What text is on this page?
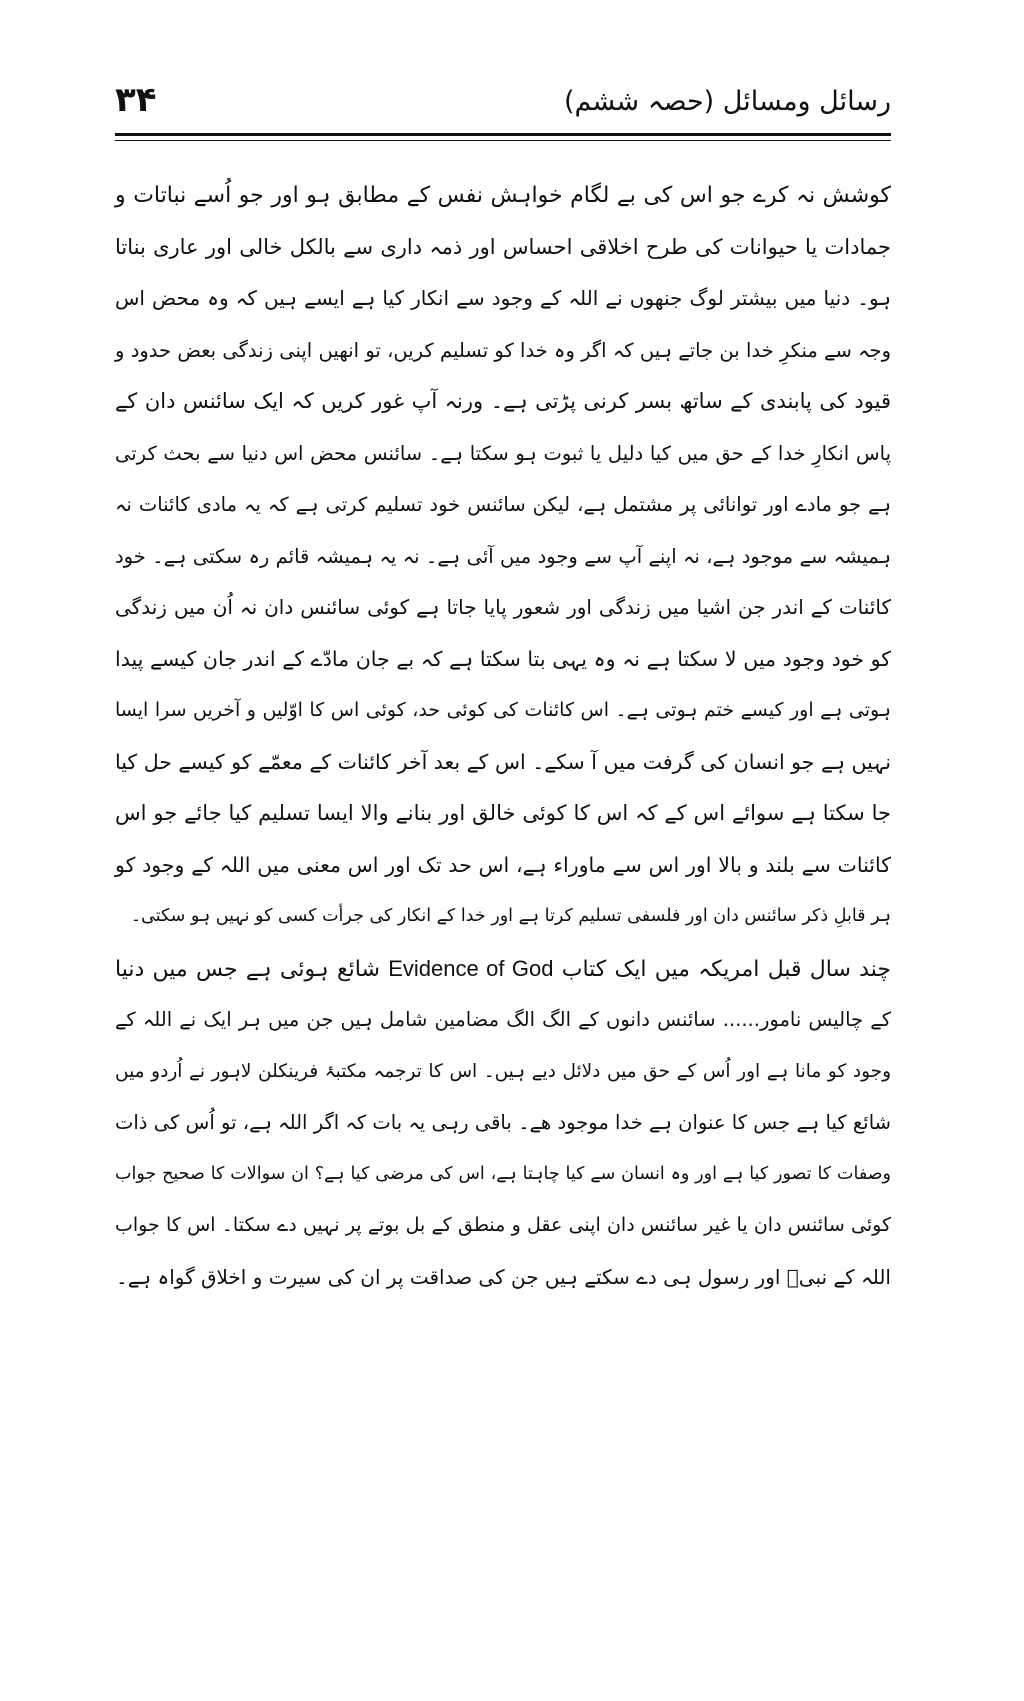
رسائل ومسائل (حصہ ششم)
۳۴
کوشش نہ کرے جو اس کی بے لگام خواہش نفس کے مطابق ہو اور جو اُسے نباتات و
جمادات یا حیوانات کی طرح اخلاقی احساس اور ذمہ داری سے بالکل خالی اور عاری بناتا
ہو۔ دنیا میں بیشتر لوگ جنھوں نے اللہ کے وجود سے انکار کیا ہے ایسے ہیں کہ وہ محض اس
وجہ سے منکرِ خدا بن جاتے ہیں کہ اگر وہ خدا کو تسلیم کریں، تو انھیں اپنی زندگی بعض حدود و
قیود کی پابندی کے ساتھ بسر کرنی پڑتی ہے۔ ورنہ آپ غور کریں کہ ایک سائنس دان کے
پاس انکارِ خدا کے حق میں کیا دلیل یا ثبوت ہو سکتا ہے۔ سائنس محض اس دنیا سے بحث کرتی
ہے جو مادے اور توانائی پر مشتمل ہے، لیکن سائنس خود تسلیم کرتی ہے کہ یہ مادی کائنات نہ
ہمیشہ سے موجود ہے، نہ اپنے آپ سے وجود میں آئی ہے۔ نہ یہ ہمیشہ قائم رہ سکتی ہے۔ خود
کائنات کے اندر جن اشیا میں زندگی اور شعور پایا جاتا ہے کوئی سائنس دان نہ اُن میں زندگی
کو خود وجود میں لا سکتا ہے نہ وہ یہی بتا سکتا ہے کہ بے جان مادّے کے اندر جان کیسے پیدا
ہوتی ہے اور کیسے ختم ہوتی ہے۔ اس کائنات کی کوئی حد، کوئی اس کا اوّلیں و آخریں سرا ایسا
نہیں ہے جو انسان کی گرفت میں آ سکے۔ اس کے بعد آخر کائنات کے معمّے کو کیسے حل کیا
جا سکتا ہے سوائے اس کے کہ اس کا کوئی خالق اور بنانے والا ایسا تسلیم کیا جائے جو اس
کائنات سے بلند و بالا اور اس سے ماوراء ہے، اس حد تک اور اس معنی میں اللہ کے وجود کو
ہر قابلِ ذکر سائنس دان اور فلسفی تسلیم کرتا ہے اور خدا کے انکار کی جرأت کسی کو نہیں ہو سکتی۔
چند سال قبل امریکہ میں ایک کتاب Evidence of God شائع ہوئی ہے جس میں دنیا
کے چالیس نامور...... سائنس دانوں کے الگ الگ مضامین شامل ہیں جن میں ہر ایک نے اللہ کے
وجود کو مانا ہے اور اُس کے حق میں دلائل دیے ہیں۔ اس کا ترجمہ مکتبۂ فرینکلن لاہور نے اُردو میں
شائع کیا ہے جس کا عنوان ہے خدا موجود ھے۔ باقی رہی یہ بات کہ اگر اللہ ہے، تو اُس کی ذات
وصفات کا تصور کیا ہے اور وہ انسان سے کیا چاہتا ہے، اس کی مرضی کیا ہے؟ ان سوالات کا صحیح جواب
کوئی سائنس دان یا غیر سائنس دان اپنی عقل و منطق کے بل بوتے پر نہیں دے سکتا۔ اس کا جواب
اللہ کے نبیؑ اور رسول ہی دے سکتے ہیں جن کی صداقت پر ان کی سیرت و اخلاق گواہ ہے۔
